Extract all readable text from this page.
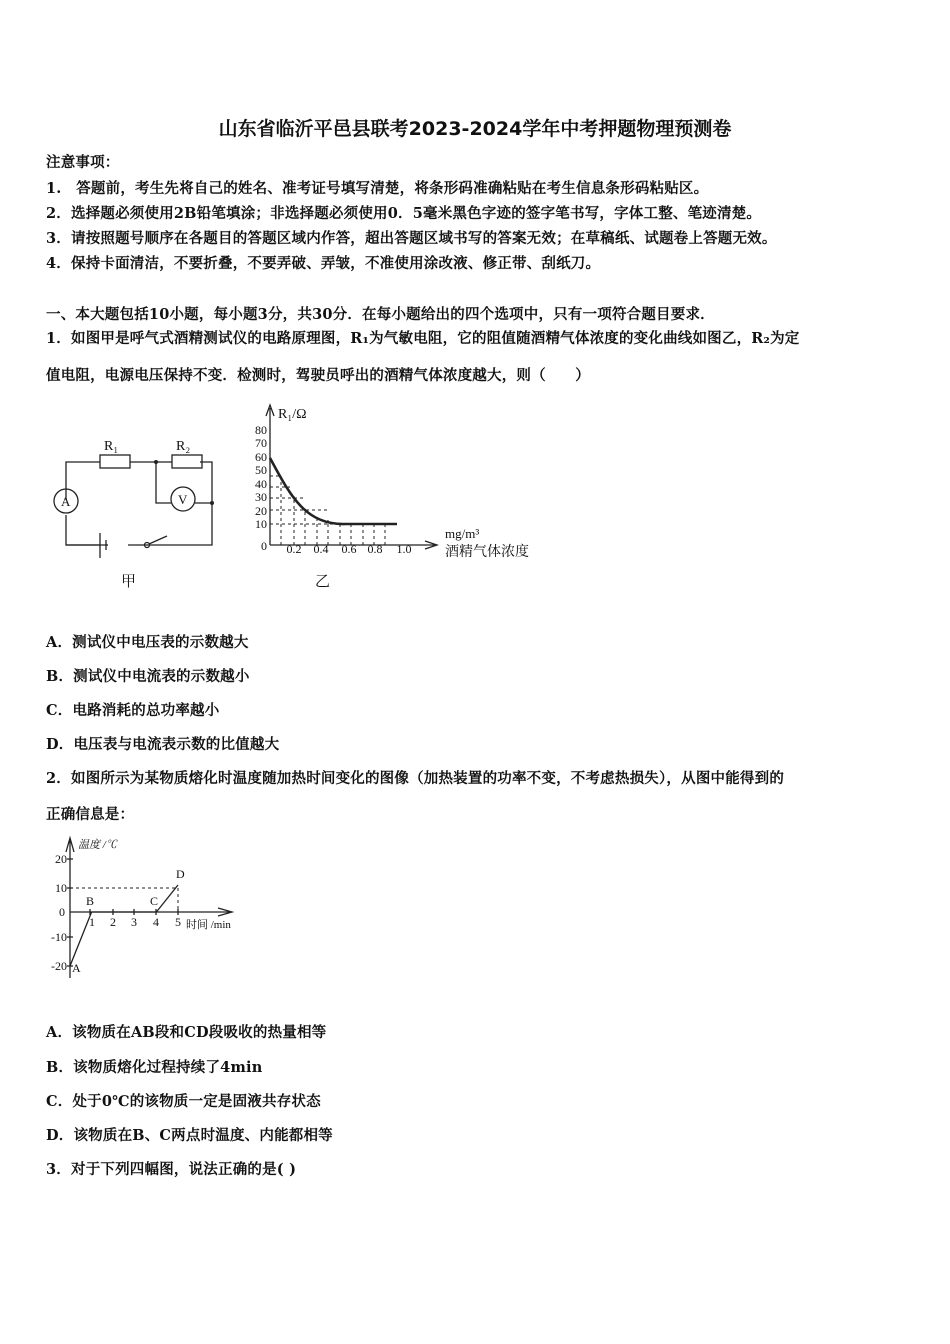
山东省临沂平邑县联考2023-2024学年中考押题物理预测卷
注意事项：
1.　答题前，考生先将自己的姓名、准考证号填写清楚，将条形码准确粘贴在考生信息条形码粘贴区。
2．选择题必须使用2B铅笔填涂；非选择题必须使用0．5毫米黑色字迹的签字笔书写，字体工整、笔迹清楚。
3．请按照题号顺序在各题目的答题区域内作答，超出答题区域书写的答案无效；在草稿纸、试题卷上答题无效。
4．保持卡面清洁，不要折叠，不要弄破、弄皱，不准使用涂改液、修正带、刮纸刀。
一、本大题包括10小题，每小题3分，共30分．在每小题给出的四个选项中，只有一项符合题目要求．
1．如图甲是呼气式酒精测试仪的电路原理图，R₁为气敏电阻，它的阻值随酒精气体浓度的变化曲线如图乙，R₂为定
值电阻，电源电压保持不变．检测时，驾驶员呼出的酒精气体浓度越大，则（　　）
R₁	R₂
A	V
甲
R₁/Ω
80
70
60
50
40
30
20
10
0 0.2 0.4 0.6 0.8 1.0
mg/m³
酒精气体浓度
乙
A．测试仪中电压表的示数越大
B．测试仪中电流表的示数越小
C．电路消耗的总功率越小
D．电压表与电流表示数的比值越大
2．如图所示为某物质熔化时温度随加热时间变化的图像（加热装置的功率不变，不考虑热损失），从图中能得到的
正确信息是：
温度 /℃
20
10
0
-10
-20
1 2 3 4 5 时间 /min
A
B	C
D
A．该物质在AB段和CD段吸收的热量相等
B．该物质熔化过程持续了4min
C．处于0℃的该物质一定是固液共存状态
D．该物质在B、C两点时温度、内能都相等
3．对于下列四幅图，说法正确的是( )
